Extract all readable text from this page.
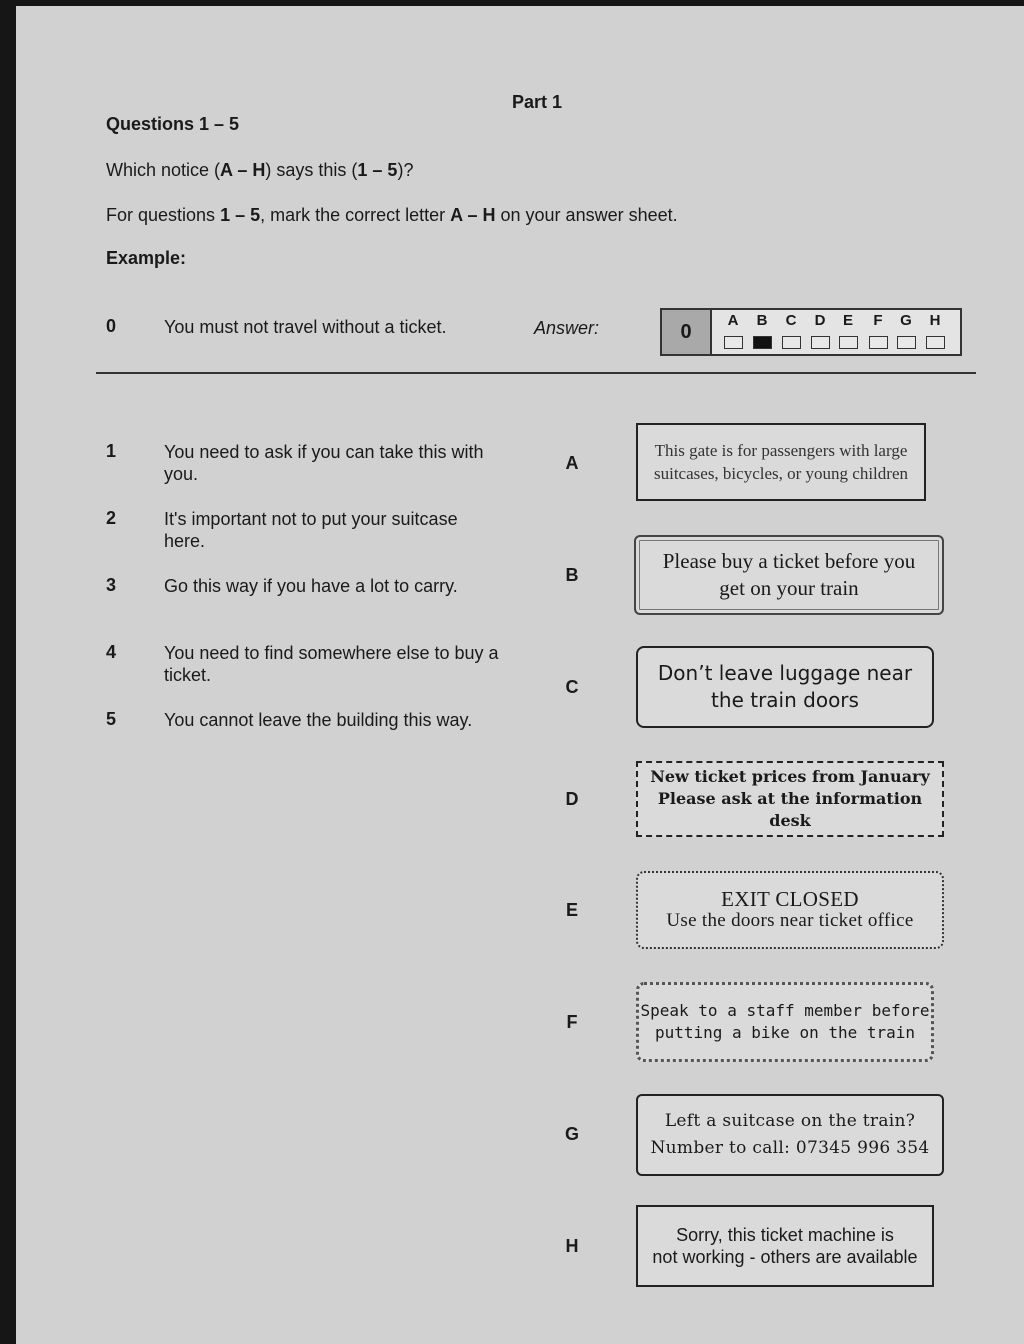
Part 1
Questions 1 – 5
Which notice (A – H) says this (1 – 5)?
For questions 1 – 5, mark the correct letter A – H on your answer sheet.
Example:
0	You must not travel without a ticket.	Answer:	0
A	B	C	D	E	F	G	H
1	You need to ask if you can take this with you.
2	It's important not to put your suitcase here.
3	Go this way if you have a lot to carry.
4	You need to find somewhere else to buy a ticket.
5	You cannot leave the building this way.
A
B
C
D
E
F
G
H
This gate is for passengers with large
suitcases, bicycles, or young children
Please buy a ticket before you
get on your train
Don’t leave luggage near
the train doors
New ticket prices from January
Please ask at the information desk
EXIT CLOSED
Use the doors near ticket office
Speak to a staff member before
putting a bike on the train
Left a suitcase on the train?
Number to call: 07345 996 354
Sorry, this ticket machine is
not working - others are available
